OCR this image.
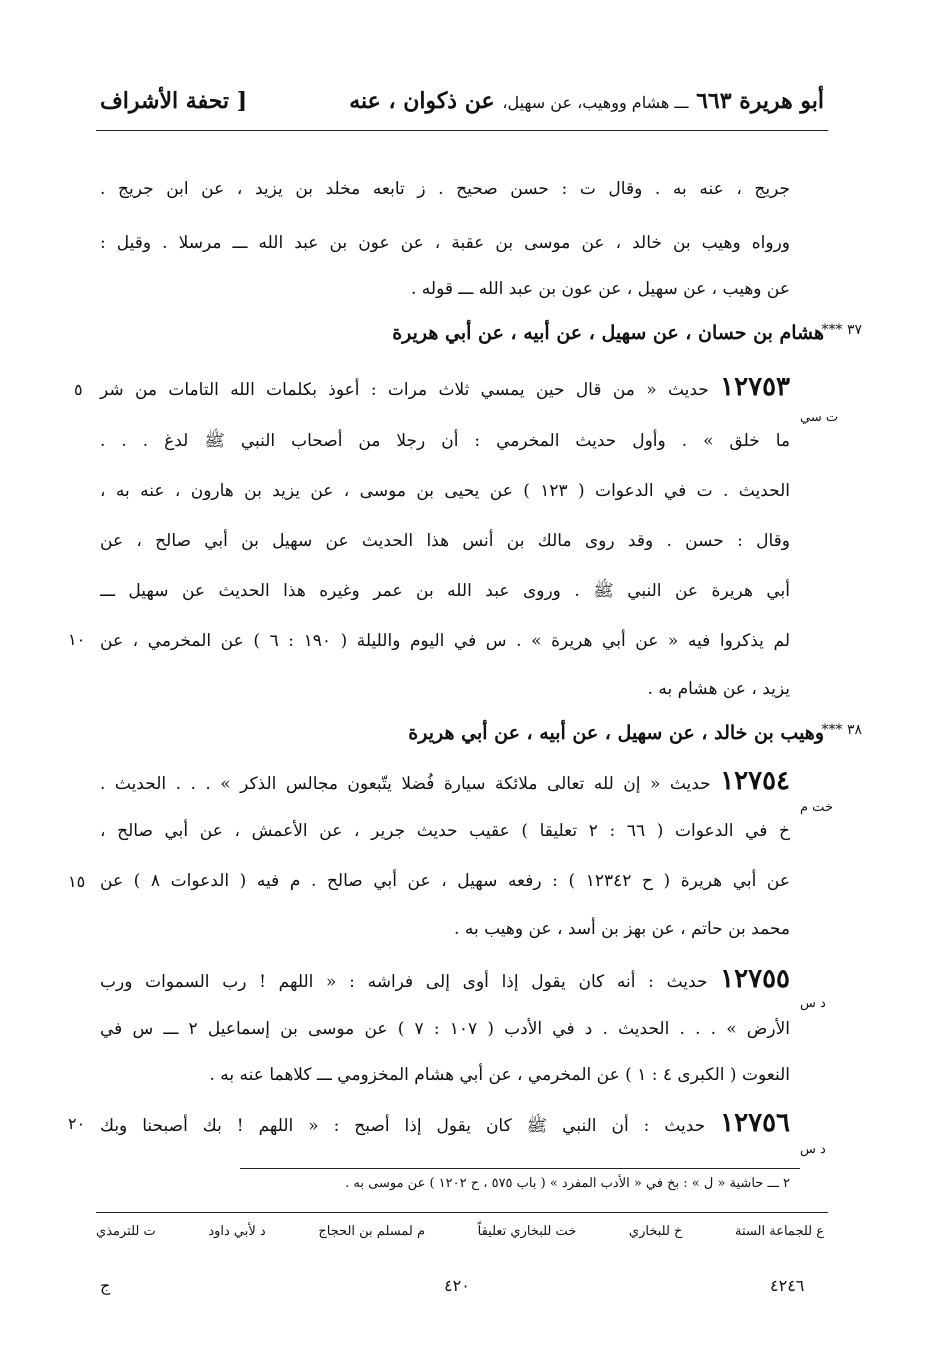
أبو هريرة ٦٦٣ ـــ هشام ووهيب، عن سهيل، عن ذكوان ، عنه
[ تحفة الأشراف
جريج ، عنه به . وقال ت : حسن صحيح . ز تابعه مخلد بن يزيد ، عن ابن جريج .
ورواه وهيب بن خالد ، عن موسى بن عقبة ، عن عون بن عبد الله ـــ مرسلا . وقيل :
عن وهيب ، عن سهيل ، عن عون بن عبد الله ـــ قوله .
هشام بن حسان ، عن سهيل ، عن أبيه ، عن أبي هريرة
٣٧ ***
١٢٧٥٣ حديث « من قال حين يمسي ثلاث مرات : أعوذ بكلمات الله التامات من شر
ت سي
ما خلق » . وأول حديث المخرمي : أن رجلا من أصحاب النبي ﷺ لدغ . . .
الحديث . ت في الدعوات ( ١٢٣ ) عن يحيى بن موسى ، عن يزيد بن هارون ، عنه به ،
وقال : حسن . وقد روى مالك بن أنس هذا الحديث عن سهيل بن أبي صالح ، عن
أبي هريرة عن النبي ﷺ . وروى عبد الله بن عمر وغيره هذا الحديث عن سهيل ـــ
لم يذكروا فيه « عن أبي هريرة » . س في اليوم والليلة ( ١٩٠ : ٦ ) عن المخرمي ، عن
يزيد ، عن هشام به .
وهيب بن خالد ، عن سهيل ، عن أبيه ، عن أبي هريرة
٣٨ ***
١٢٧٥٤ حديث « إن لله تعالى ملائكة سيارة فُضلا يتّبعون مجالس الذكر » . . . الحديث .
خت م
خ في الدعوات ( ٦٦ : ٢ تعليقا ) عقيب حديث جرير ، عن الأعمش ، عن أبي صالح ،
عن أبي هريرة ( ح ١٢٣٤٢ ) : رفعه سهيل ، عن أبي صالح . م فيه ( الدعوات ٨ ) عن
محمد بن حاتم ، عن بهز بن أسد ، عن وهيب به .
١٢٧٥٥ حديث : أنه كان يقول إذا أوى إلى فراشه : « اللهم ! رب السموات ورب
د س
الأرض » . . . الحديث . د في الأدب ( ١٠٧ : ٧ ) عن موسى بن إسماعيل ٢ ـــ س في
النعوت ( الكبرى ٤ : ١ ) عن المخرمي ، عن أبي هشام المخزومي ـــ كلاهما عنه به .
١٢٧٥٦ حديث : أن النبي ﷺ كان يقول إذا أصبح : « اللهم ! بك أصبحنا وبك
د س
٥
١٠
١٥
٢٠
٢ ـــ حاشية « ل » : بخ في « الأدب المفرد » ( باب ٥٧٥ ، ح ١٢٠٢ ) عن موسى به .
ع للجماعة الستة
خ للبخاري
خت للبخاري تعليقاً
م لمسلم بن الحجاج
د لأبي داود
ت للترمذي
ج	٤٢٠	٤٢٤٦
